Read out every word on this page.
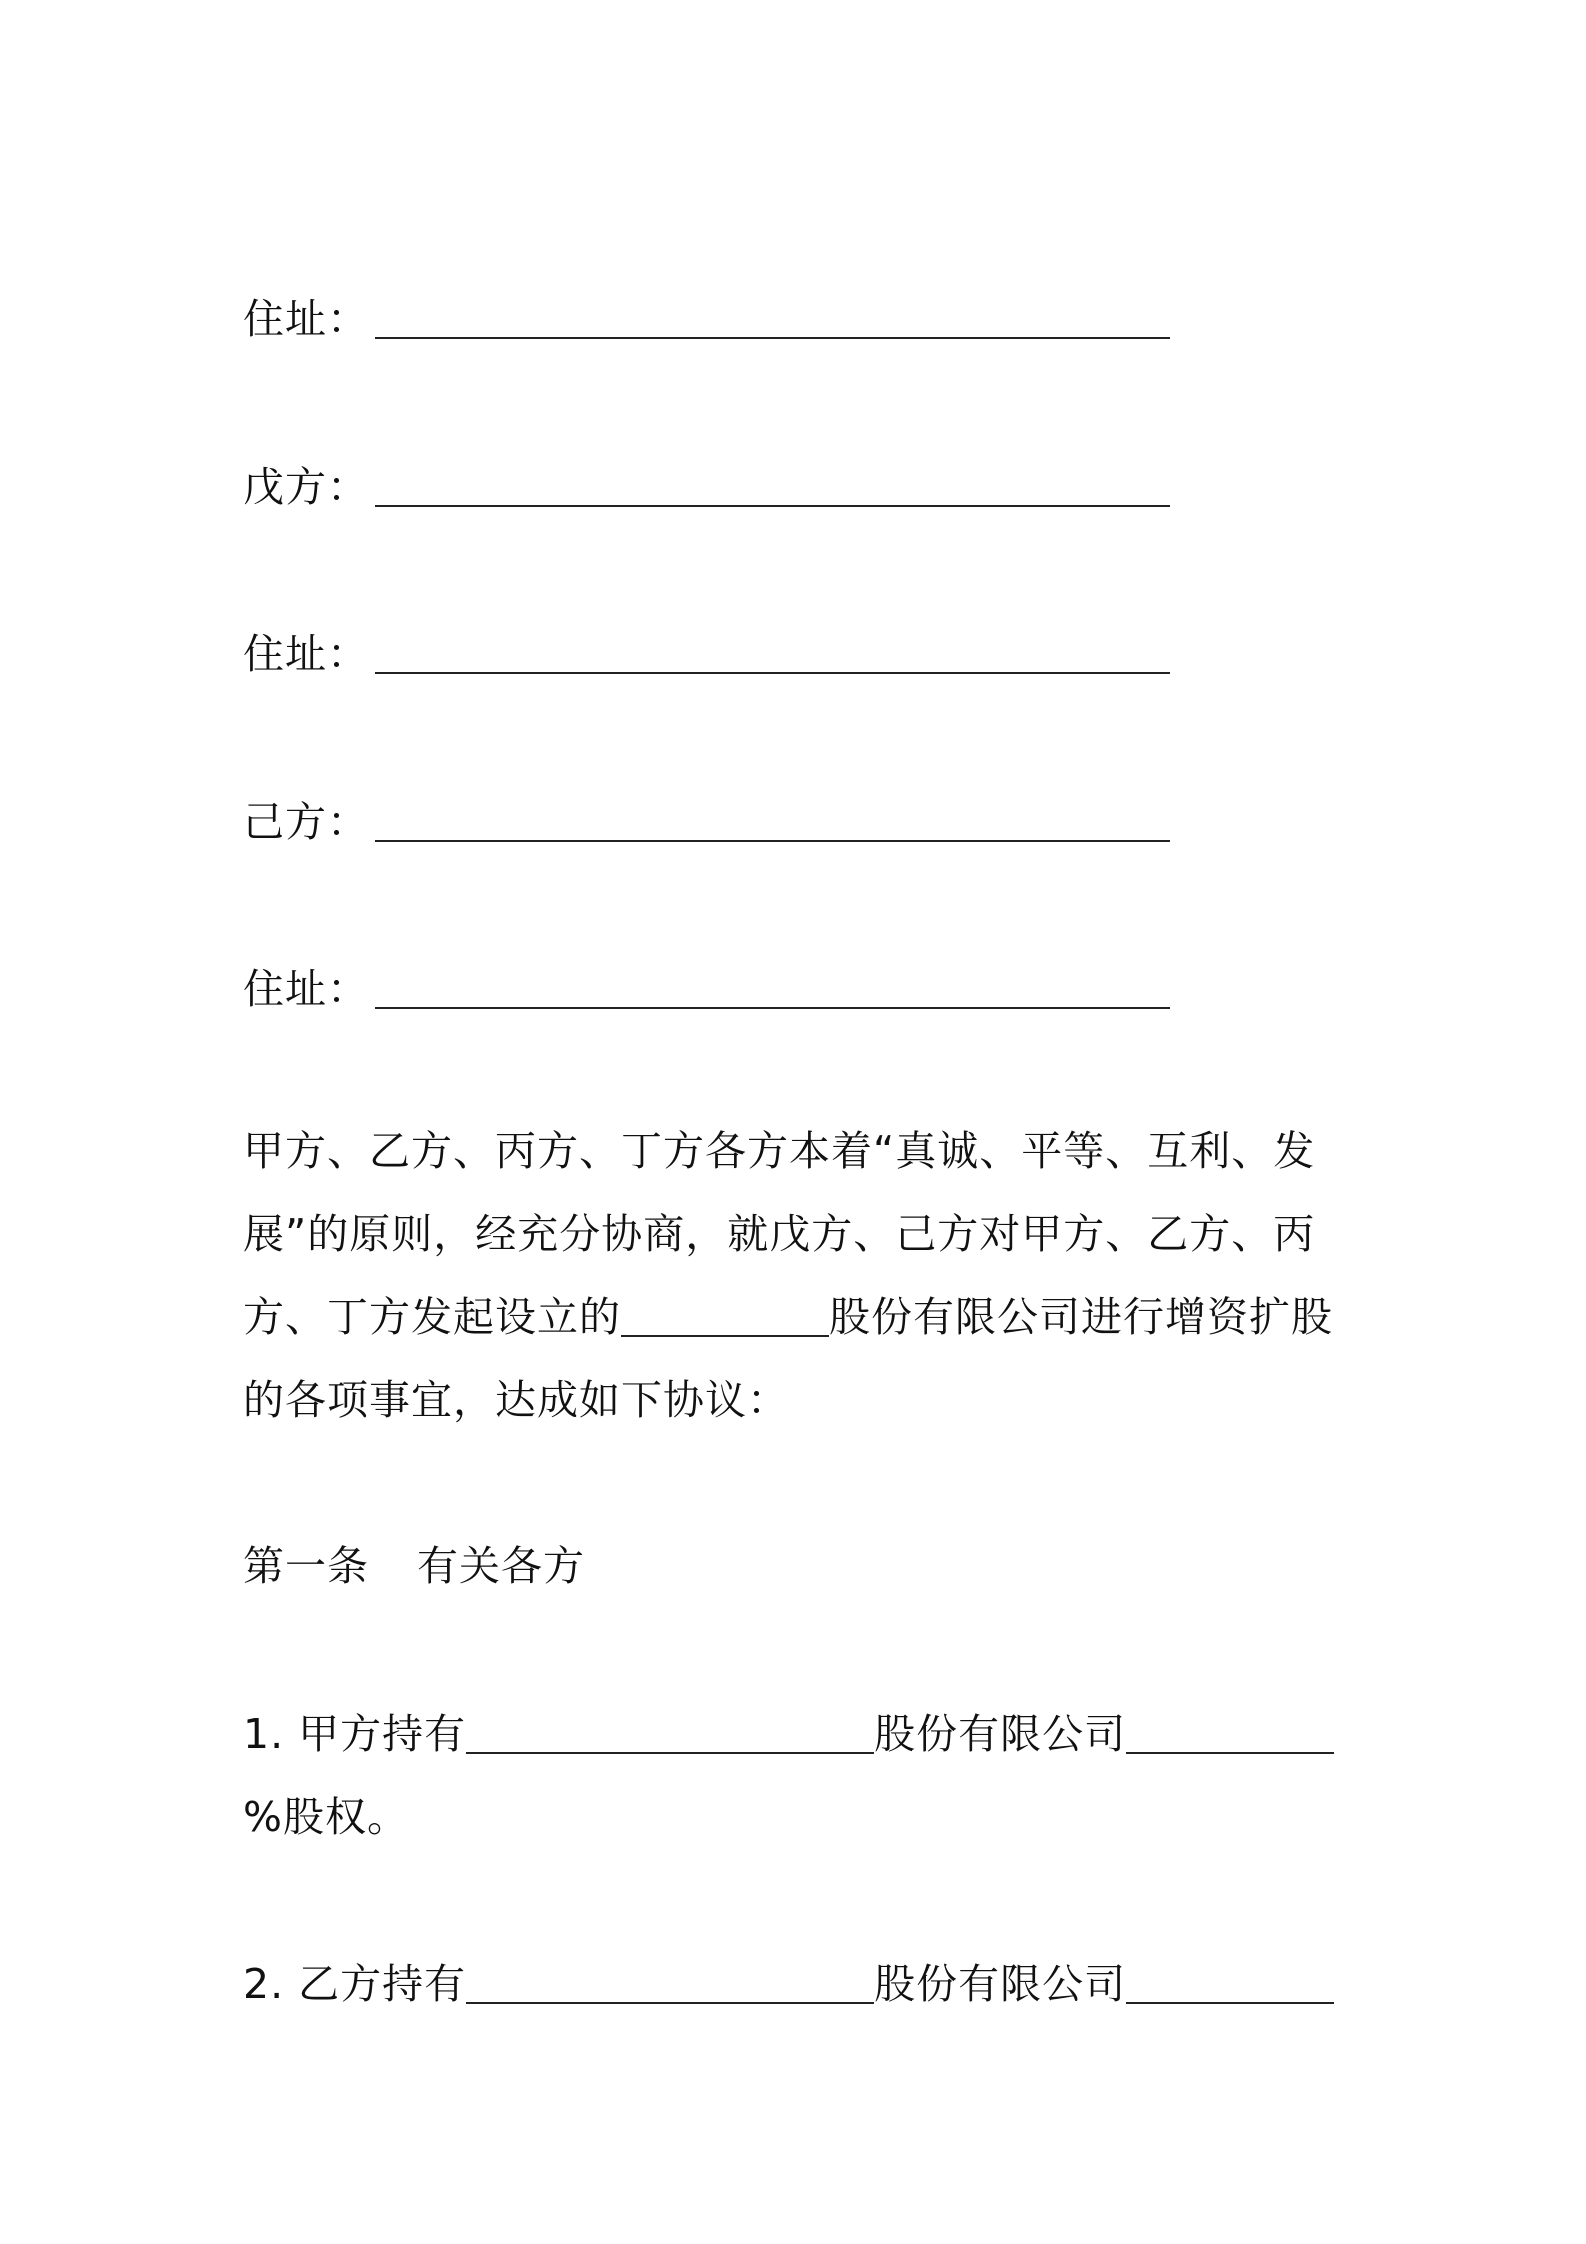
住址：
戊方：
住址：
己方：
住址：
甲方、乙方、丙方、丁方各方本着“真诚、平等、互利、发
展”的原则，经充分协商，就戊方、己方对甲方、乙方、丙
方、丁方发起设立的	股份有限公司进行增资扩股
的各项事宜，达成如下协议：
第一条 有关各方
1. 甲方持有	股份有限公司
%股权。
2. 乙方持有	股份有限公司
